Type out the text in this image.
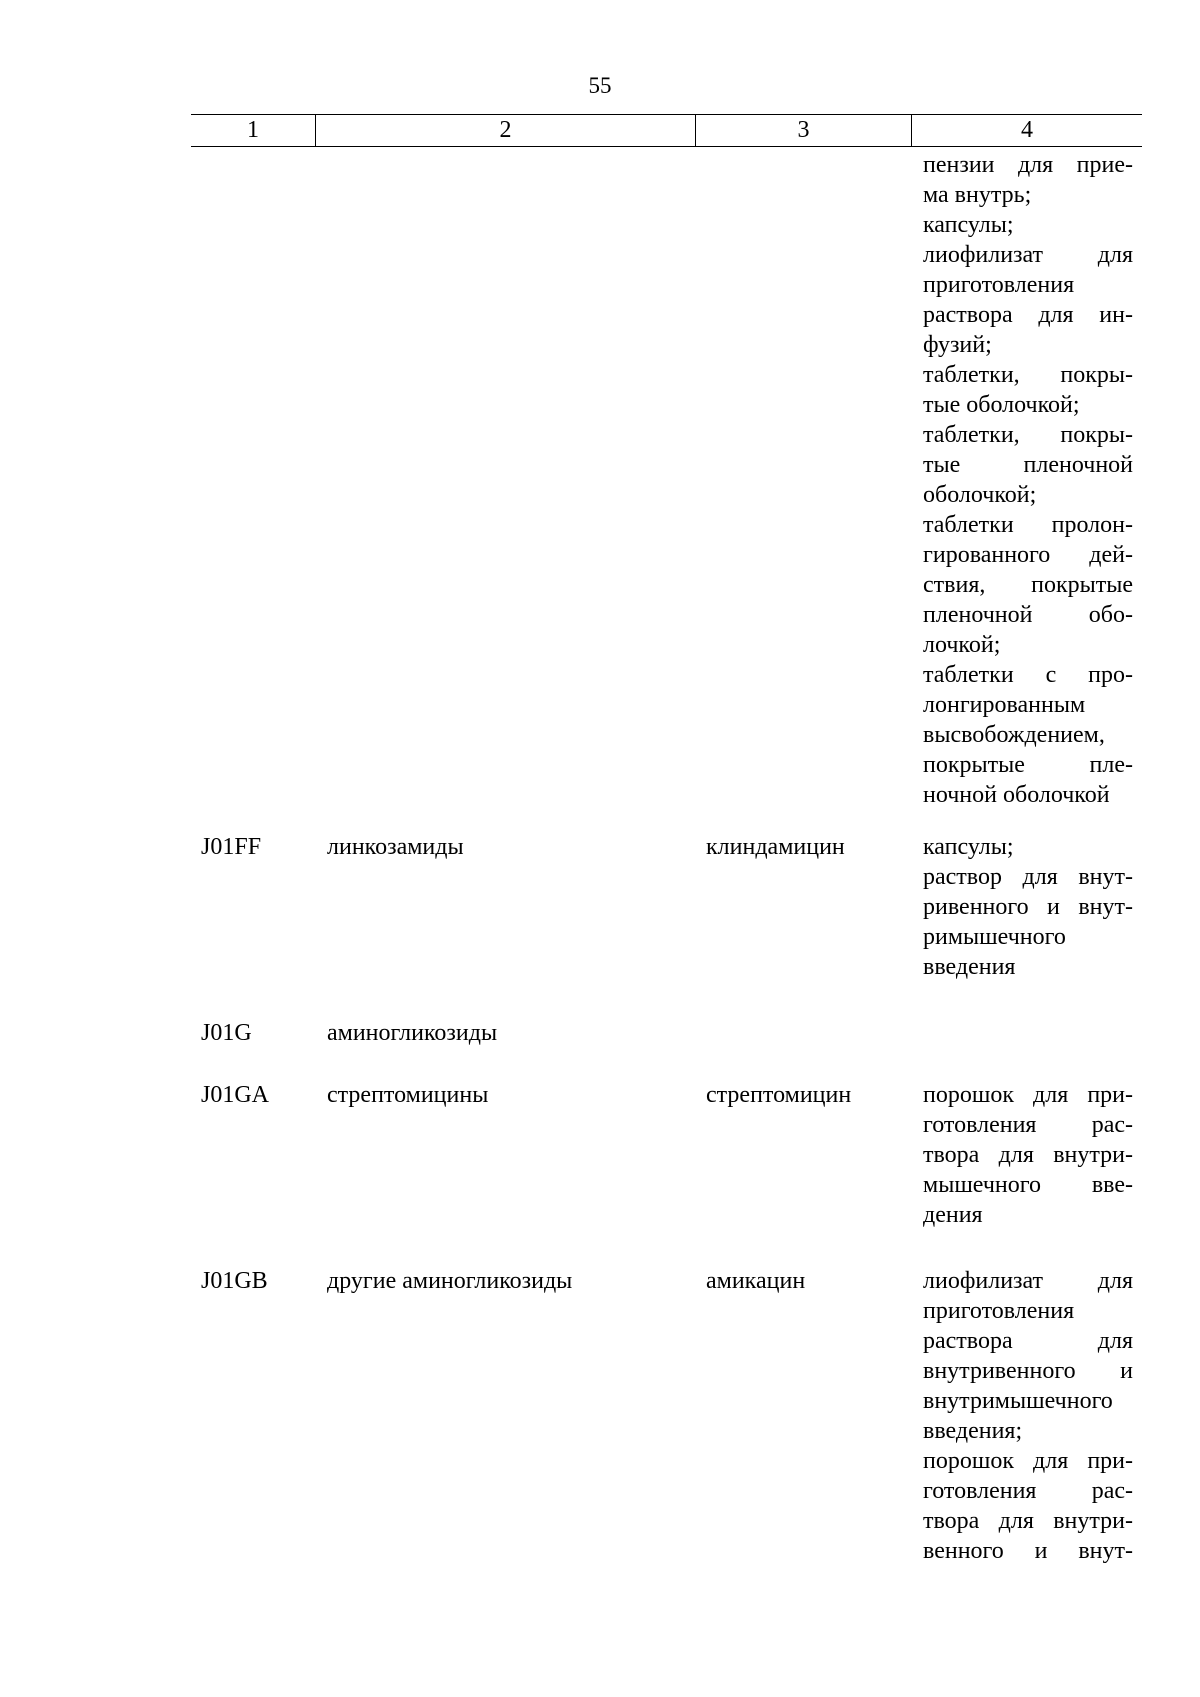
55
1	2	3	4
пензии для прие-
ма внутрь;
капсулы;
лиофилизат для
приготовления
раствора для ин-
фузий;
таблетки, покры-
тые оболочкой;
таблетки, покры-
тые пленочной
оболочкой;
таблетки пролон-
гированного дей-
ствия, покрытые
пленочной обо-
лочкой;
таблетки с про-
лонгированным
высвобождением,
покрытые пле-
ночной оболочкой
J01FF	линкозамиды	клиндамицин	капсулы;
раствор для внут-
ривенного и внут-
римышечного
введения
J01G	аминогликозиды
J01GA стрептомицины	стрептомицин	порошок для при-
готовления рас-
твора для внутри-
мышечного вве-
дения
J01GB другие аминогликозиды	амикацин	лиофилизат для
приготовления
раствора для
внутривенного и
внутримышечного
введения;
порошок для при-
готовления рас-
твора для внутри-
венного и внут-
